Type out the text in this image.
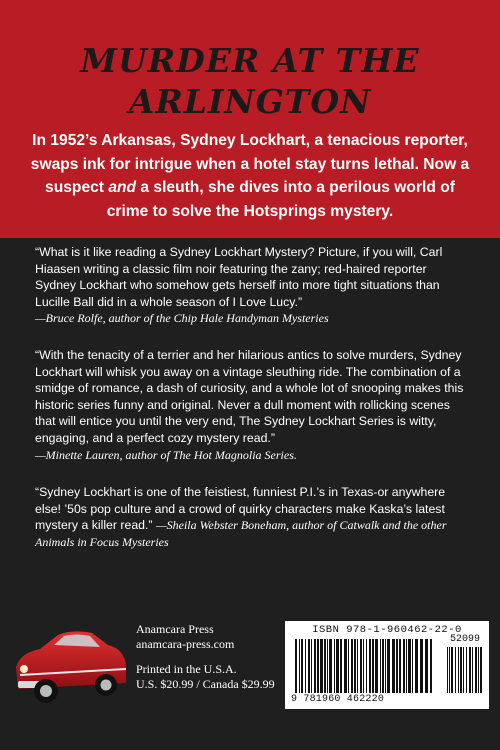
MURDER AT THE
ARLINGTON

In 1952’s Arkansas, Sydney Lockhart, a tenacious reporter, swaps ink for intrigue when a hotel stay turns lethal. Now a suspect and a sleuth, she dives into a perilous world of crime to solve the Hotsprings mystery.

“What is it like reading a Sydney Lockhart Mystery? Picture, if you will, Carl Hiaasen writing a classic film noir featuring the zany; red-haired reporter Sydney Lockhart who somehow gets herself into more tight situations than Lucille Ball did in a whole season of I Love Lucy.”
—Bruce Rolfe, author of the Chip Hale Handyman Mysteries

“With the tenacity of a terrier and her hilarious antics to solve murders, Sydney Lockhart will whisk you away on a vintage sleuthing ride. The combination of a smidge of romance, a dash of curiosity, and a whole lot of snooping makes this historic series funny and original. Never a dull moment with rollicking scenes that will entice you until the very end, The Sydney Lockhart Series is witty, engaging, and a perfect cozy mystery read.”
—Minette Lauren, author of The Hot Magnolia Series.

“Sydney Lockhart is one of the feistiest, funniest P.I.’s in Texas-or anywhere else! ’50s pop culture and a crowd of quirky characters make Kaska’s latest mystery a killer read.” —Sheila Webster Boneham, author of Catwalk and the other Animals in Focus Mysteries

Anamcara Press
anamcara-press.com
Printed in the U.S.A.
U.S. $20.99 / Canada $29.99
ISBN 978-1-960462-22-0
52099
9 781960 462220
